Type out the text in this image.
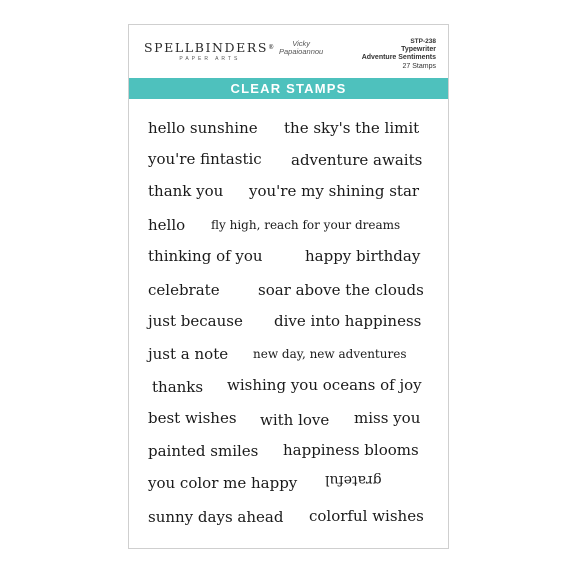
SPELLBINDERS®
PAPER ARTS
Vicky
Papaioannou
STP-238
Typewriter
Adventure Sentiments
27 Stamps
CLEAR STAMPS
hello sunshine the sky's the limit
you're fintastic adventure awaits
thank you you're my shining star
hello fly high, reach for your dreams
thinking of you	happy birthday
celebrate	soar above the clouds
just because dive into happiness
just a note new day, new adventures
thanks wishing you oceans of joy
best wishes with love miss you
painted smiles happiness blooms
you color me happy grateful
sunny days ahead colorful wishes
